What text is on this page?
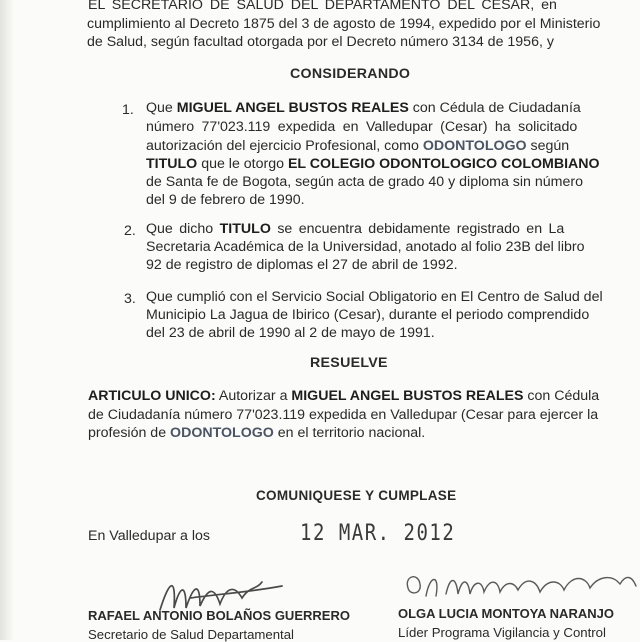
EL SECRETARIO DE SALUD DEL DEPARTAMENTO DEL CESAR, en
cumplimiento al Decreto 1875 del 3 de agosto de 1994, expedido por el Ministerio
de Salud, según facultad otorgada por el Decreto número 3134 de 1956, y
CONSIDERANDO
1. Que MIGUEL ANGEL BUSTOS REALES con Cédula de Ciudadanía
número 77'023.119 expedida en Valledupar (Cesar) ha solicitado
autorización del ejercicio Profesional, como ODONTOLOGO según
TITULO que le otorgo EL COLEGIO ODONTOLOGICO COLOMBIANO
de Santa fe de Bogota, según acta de grado 40 y diploma sin número
del 9 de febrero de 1990.
2. Que dicho TITULO se encuentra debidamente registrado en La
Secretaria Académica de la Universidad, anotado al folio 23B del libro
92 de registro de diplomas el 27 de abril de 1992.
3. Que cumplió con el Servicio Social Obligatorio en El Centro de Salud del
Municipio La Jagua de Ibirico (Cesar), durante el periodo comprendido
del 23 de abril de 1990 al 2 de mayo de 1991.
RESUELVE
ARTICULO UNICO: Autorizar a MIGUEL ANGEL BUSTOS REALES con Cédula
de Ciudadanía número 77'023.119 expedida en Valledupar (Cesar para ejercer la
profesión de ODONTOLOGO en el territorio nacional.
COMUNIQUESE Y CUMPLASE
En Valledupar a los	12 MAR. 2012
RAFAEL ANTONIO BOLAÑOS GUERRERO
Secretario de Salud Departamental
OLGA LUCIA MONTOYA NARANJO
Líder Programa Vigilancia y Control
